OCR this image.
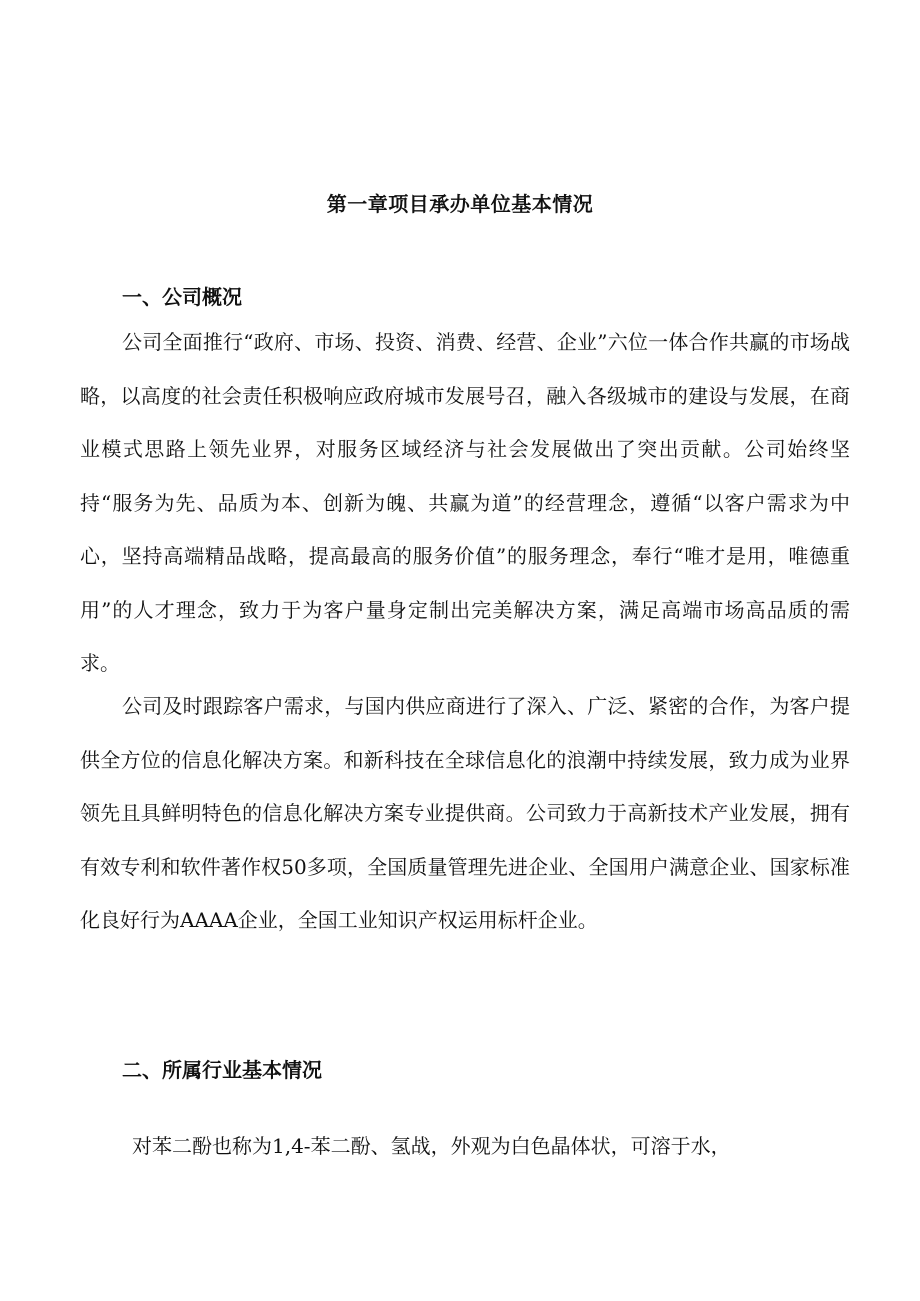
第一章项目承办单位基本情况
一、公司概况

公司全面推行“政府、市场、投资、消费、经营、企业”六位一体合作共赢的市场战略，以高度的社会责任积极响应政府城市发展号召，融入各级城市的建设与发展，在商业模式思路上领先业界，对服务区域经济与社会发展做出了突出贡献。公司始终坚持“服务为先、品质为本、创新为魄、共赢为道”的经营理念，遵循“以客户需求为中心，坚持高端精品战略，提高最高的服务价值”的服务理念，奉行“唯才是用，唯德重用”的人才理念，致力于为客户量身定制出完美解决方案，满足高端市场高品质的需求。

公司及时跟踪客户需求，与国内供应商进行了深入、广泛、紧密的合作，为客户提供全方位的信息化解决方案。和新科技在全球信息化的浪潮中持续发展，致力成为业界领先且具鲜明特色的信息化解决方案专业提供商。公司致力于高新技术产业发展，拥有有效专利和软件著作权50多项，全国质量管理先进企业、全国用户满意企业、国家标准化良好行为AAAA企业，全国工业知识产权运用标杆企业。

二、所属行业基本情况

对苯二酚也称为1,4-苯二酚、氢战，外观为白色晶体状，可溶于水，
